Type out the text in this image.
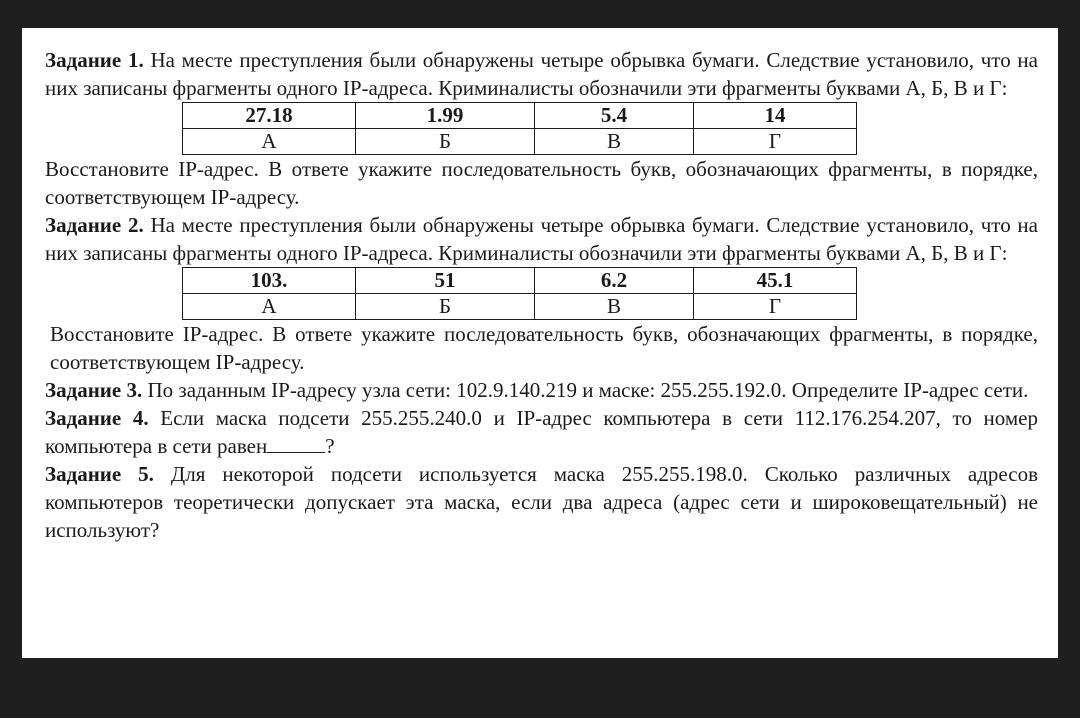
Задание 1. На месте преступления были обнаружены четыре обрывка бумаги. Следствие установило, что на них записаны фрагменты одного IP-адреса. Криминалисты обозначили эти фрагменты буквами А, Б, В и Г:

27.18	1.99	5.4	14
А	Б	В	Г

Восстановите IP-адрес. В ответе укажите последовательность букв, обозначающих фрагменты, в порядке, соответствующем IP-адресу.

Задание 2. На месте преступления были обнаружены четыре обрывка бумаги. Следствие установило, что на них записаны фрагменты одного IP-адреса. Криминалисты обозначили эти фрагменты буквами А, Б, В и Г:

103.	51	6.2	45.1
А	Б	В	Г

Восстановите IP-адрес. В ответе укажите последовательность букв, обозначающих фрагменты, в порядке, соответствующем IP-адресу.

Задание 3. По заданным IP-адресу узла сети: 102.9.140.219 и маске: 255.255.192.0. Определите IP-адрес сети.

Задание 4. Если маска подсети 255.255.240.0 и IP-адрес компьютера в сети 112.176.254.207, то номер компьютера в сети равен	?

Задание 5. Для некоторой подсети используется маска 255.255.198.0. Сколько различных адресов компьютеров теоретически допускает эта маска, если два адреса (адрес сети и широковещательный) не используют?
